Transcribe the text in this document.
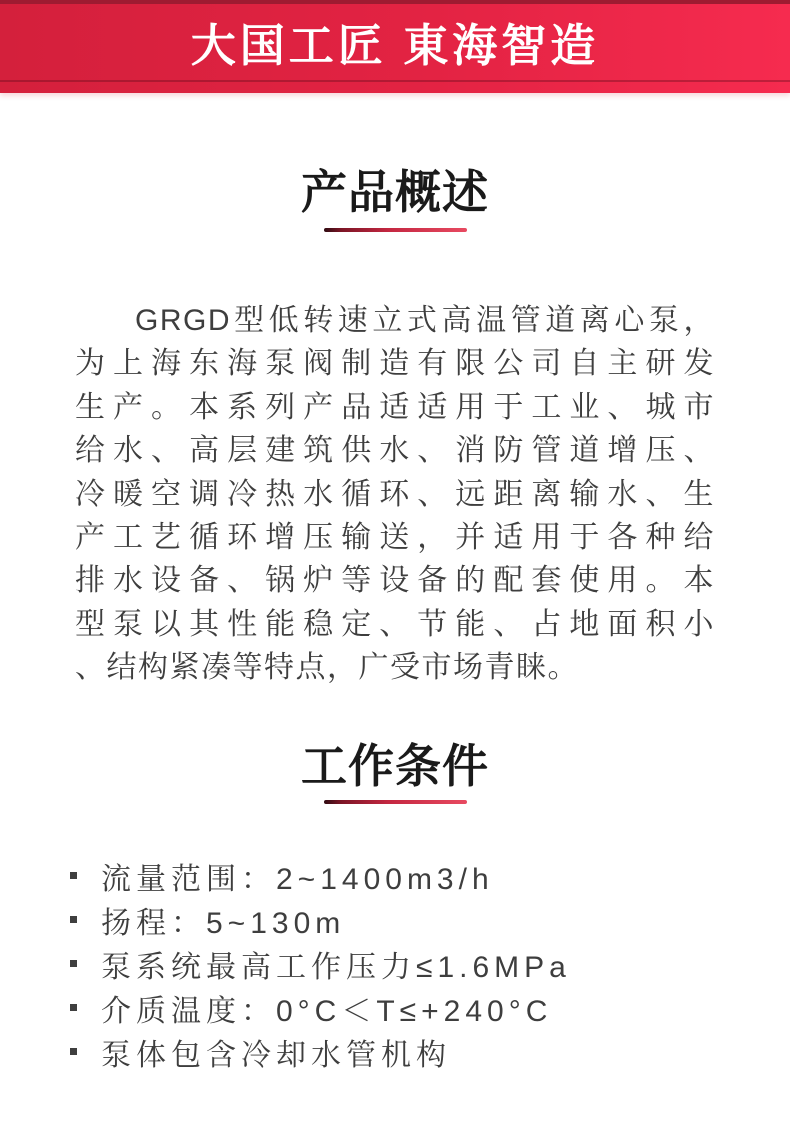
大国工匠 東海智造
产品概述
GRGD型低转速立式高温管道离心泵，
为上海东海泵阀制造有限公司自主研发
生产。本系列产品适适用于工业、城市
给水、高层建筑供水、消防管道增压、
冷暖空调冷热水循环、远距离输水、生
产工艺循环增压输送，并适用于各种给
排水设备、锅炉等设备的配套使用。本
型泵以其性能稳定、节能、占地面积小
、结构紧凑等特点，广受市场青睐。
工作条件
流量范围：2~1400m3/h
扬程：5~130m
泵系统最高工作压力≤1.6MPa
介质温度：0°C＜T≤+240°C
泵体包含冷却水管机构
